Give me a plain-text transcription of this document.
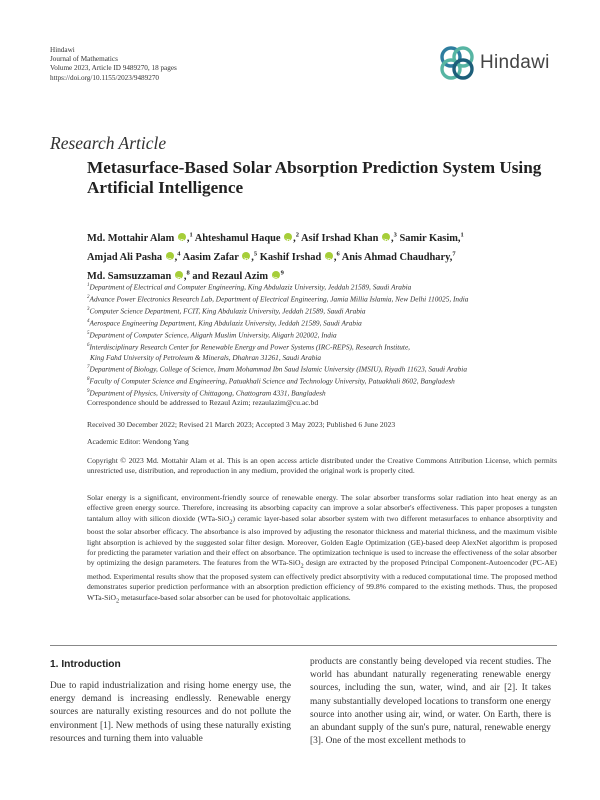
Hindawi
Journal of Mathematics
Volume 2023, Article ID 9489270, 18 pages
https://doi.org/10.1155/2023/9489270
Hindawi
Research Article
Metasurface-Based Solar Absorption Prediction System Using Artificial Intelligence
Md. Mottahir Alam iD ,$^1$ Ahteshamul Haque iD ,$^2$ Asif Irshad Khan iD ,$^3$ Samir Kasim,$^1$
Amjad Ali Pasha iD ,$^4$ Aasim Zafar iD ,$^5$ Kashif Irshad iD ,$^6$ Anis Ahmad Chaudhary,$^7$
Md. Samsuzzaman iD ,$^8$ and Rezaul Azim iD $^9$
$^1$Department of Electrical and Computer Engineering, King Abdulaziz University, Jeddah 21589, Saudi Arabia
$^2$Advance Power Electronics Research Lab, Department of Electrical Engineering, Jamia Millia Islamia, New Delhi 110025, India
$^3$Computer Science Department, FCIT, King Abdulaziz University, Jeddah 21589, Saudi Arabia
$^4$Aerospace Engineering Department, King Abdulaziz University, Jeddah 21589, Saudi Arabia
$^5$Department of Computer Science, Aligarh Muslim University, Aligarh 202002, India
$^6$Interdisciplinary Research Center for Renewable Energy and Power Systems (IRC-REPS), Research Institute,
King Fahd University of Petroleum & Minerals, Dhahran 31261, Saudi Arabia
$^7$Department of Biology, College of Science, Imam Mohammad Ibn Saud Islamic University (IMSIU), Riyadh 11623, Saudi Arabia
$^8$Faculty of Computer Science and Engineering, Patuakhali Science and Technology University, Patuakhali 8602, Bangladesh
$^9$Department of Physics, University of Chittagong, Chattogram 4331, Bangladesh
Correspondence should be addressed to Rezaul Azim; rezaulazim@cu.ac.bd
Received 30 December 2022; Revised 21 March 2023; Accepted 3 May 2023; Published 6 June 2023
Academic Editor: Wendong Yang
Copyright © 2023 Md. Mottahir Alam et al. This is an open access article distributed under the Creative Commons Attribution License, which permits unrestricted use, distribution, and reproduction in any medium, provided the original work is properly cited.
Solar energy is a significant, environment-friendly source of renewable energy. The solar absorber transforms solar radiation into heat energy as an effective green energy source. Therefore, increasing its absorbing capacity can improve a solar absorber's effectiveness. This paper proposes a tungsten tantalum alloy with silicon dioxide (WTa-SiO$_2$) ceramic layer-based solar absorber system with two different metasurfaces to enhance absorptivity and boost the solar absorber efficacy. The absorbance is also improved by adjusting the resonator thickness and material thickness, and the maximum visible light absorption is achieved by the suggested solar filter design. Moreover, Golden Eagle Optimization (GE)-based deep AlexNet algorithm is proposed for predicting the parameter variation and their effect on absorbance. The optimization technique is used to increase the effectiveness of the solar absorber by optimizing the design parameters. The features from the WTa-SiO$_2$ design are extracted by the proposed Principal Component-Autoencoder (PC-AE) method. Experimental results show that the proposed system can effectively predict absorptivity with a reduced computational time. The proposed method demonstrates superior prediction performance with an absorption prediction efficiency of 99.8% compared to the existing methods. Thus, the proposed WTa-SiO$_2$ metasurface-based solar absorber can be used for photovoltaic applications.
1. Introduction
Due to rapid industrialization and rising home energy use, the energy demand is increasing endlessly. Renewable energy sources are naturally existing resources and do not pollute the environment [1]. New methods of using these naturally existing resources and turning them into valuable
products are constantly being developed via recent studies. The world has abundant naturally regenerating renewable energy sources, including the sun, water, wind, and air [2]. It takes many substantially developed locations to transform one energy source into another using air, wind, or water. On Earth, there is an abundant supply of the sun's pure, natural, renewable energy [3]. One of the most excellent methods to
